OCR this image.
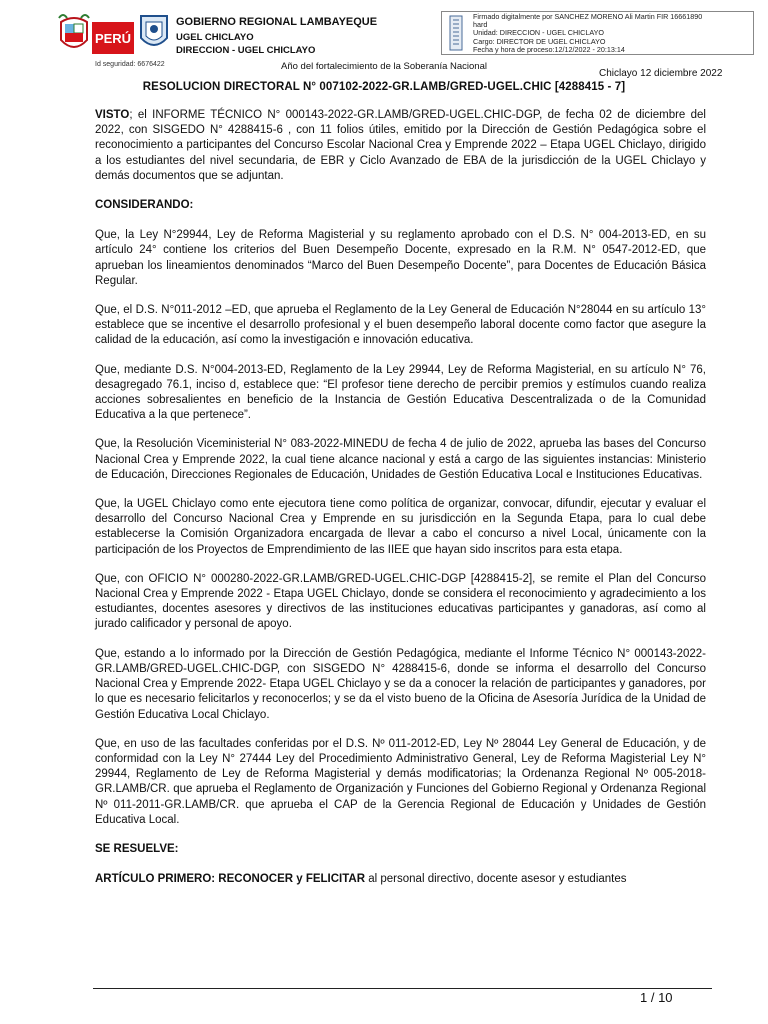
PERÚ
GOBIERNO REGIONAL LAMBAYEQUE
UGEL CHICLAYO
DIRECCION - UGEL CHICLAYO
Firmado digitalmente por SANCHEZ MORENO Ali Martin FIR 16661890
hard
Unidad: DIRECCION - UGEL CHICLAYO
Cargo: DIRECTOR DE UGEL CHICLAYO
Fecha y hora de proceso:12/12/2022 - 20:13:14
Id seguridad: 6676422	Año del fortalecimiento de la Soberanía Nacional
Chiclayo 12 diciembre 2022
RESOLUCION DIRECTORAL N° 007102-2022-GR.LAMB/GRED-UGEL.CHIC [4288415 - 7]

VISTO; el INFORME TÉCNICO N° 000143-2022-GR.LAMB/GRED-UGEL.CHIC-DGP, de fecha 02 de diciembre del 2022, con SISGEDO N° 4288415-6 , con 11 folios útiles, emitido por la Dirección de Gestión Pedagógica sobre el reconocimiento a participantes del Concurso Escolar Nacional Crea y Emprende 2022 – Etapa UGEL Chiclayo, dirigido a los estudiantes del nivel secundaria, de EBR y Ciclo Avanzado de EBA de la jurisdicción de la UGEL Chiclayo y demás documentos que se adjuntan.

CONSIDERANDO:

Que, la Ley N°29944, Ley de Reforma Magisterial y su reglamento aprobado con el D.S. N° 004-2013-ED, en su artículo 24° contiene los criterios del Buen Desempeño Docente, expresado en la R.M. N° 0547-2012-ED, que aprueban los lineamientos denominados “Marco del Buen Desempeño Docente”, para Docentes de Educación Básica Regular.

Que, el D.S. N°011-2012 –ED, que aprueba el Reglamento de la Ley General de Educación N°28044 en su artículo 13° establece que se incentive el desarrollo profesional y el buen desempeño laboral docente como factor que asegure la calidad de la educación, así como la investigación e innovación educativa.

Que, mediante D.S. N°004-2013-ED, Reglamento de la Ley 29944, Ley de Reforma Magisterial, en su artículo N° 76, desagregado 76.1, inciso d, establece que: “El profesor tiene derecho de percibir premios y estímulos cuando realiza acciones sobresalientes en beneficio de la Instancia de Gestión Educativa Descentralizada o de la Comunidad Educativa a la que pertenece”.

Que, la Resolución Viceministerial N° 083-2022-MINEDU de fecha 4 de julio de 2022, aprueba las bases del Concurso Nacional Crea y Emprende 2022, la cual tiene alcance nacional y está a cargo de las siguientes instancias: Ministerio de Educación, Direcciones Regionales de Educación, Unidades de Gestión Educativa Local e Instituciones Educativas.

Que, la UGEL Chiclayo como ente ejecutora tiene como política de organizar, convocar, difundir, ejecutar y evaluar el desarrollo del Concurso Nacional Crea y Emprende en su jurisdicción en la Segunda Etapa, para lo cual debe establecerse la Comisión Organizadora encargada de llevar a cabo el concurso a nivel Local, únicamente con la participación de los Proyectos de Emprendimiento de las IIEE que hayan sido inscritos para esta etapa.

Que, con OFICIO N° 000280-2022-GR.LAMB/GRED-UGEL.CHIC-DGP [4288415-2], se remite el Plan del Concurso Nacional Crea y Emprende 2022 - Etapa UGEL Chiclayo, donde se considera el reconocimiento y agradecimiento a los estudiantes, docentes asesores y directivos de las instituciones educativas participantes y ganadoras, así como al jurado calificador y personal de apoyo.

Que, estando a lo informado por la Dirección de Gestión Pedagógica, mediante el Informe Técnico N° 000143-2022-GR.LAMB/GRED-UGEL.CHIC-DGP, con SISGEDO N° 4288415-6, donde se informa el desarrollo del Concurso Nacional Crea y Emprende 2022- Etapa UGEL Chiclayo y se da a conocer la relación de participantes y ganadores, por lo que es necesario felicitarlos y reconocerlos; y se da el visto bueno de la Oficina de Asesoría Jurídica de la Unidad de Gestión Educativa Local Chiclayo.

Que, en uso de las facultades conferidas por el D.S. Nº 011-2012-ED, Ley Nº 28044 Ley General de Educación, y de conformidad con la Ley N° 27444 Ley del Procedimiento Administrativo General, Ley de Reforma Magisterial Ley N° 29944, Reglamento de Ley de Reforma Magisterial y demás modificatorias; la Ordenanza Regional Nº 005-2018-GR.LAMB/CR. que aprueba el Reglamento de Organización y Funciones del Gobierno Regional y Ordenanza Regional Nº 011-2011-GR.LAMB/CR. que aprueba el CAP de la Gerencia Regional de Educación y Unidades de Gestión Educativa Local.

SE RESUELVE:

ARTÍCULO PRIMERO: RECONOCER y FELICITAR al personal directivo, docente asesor y estudiantes

1 / 10
